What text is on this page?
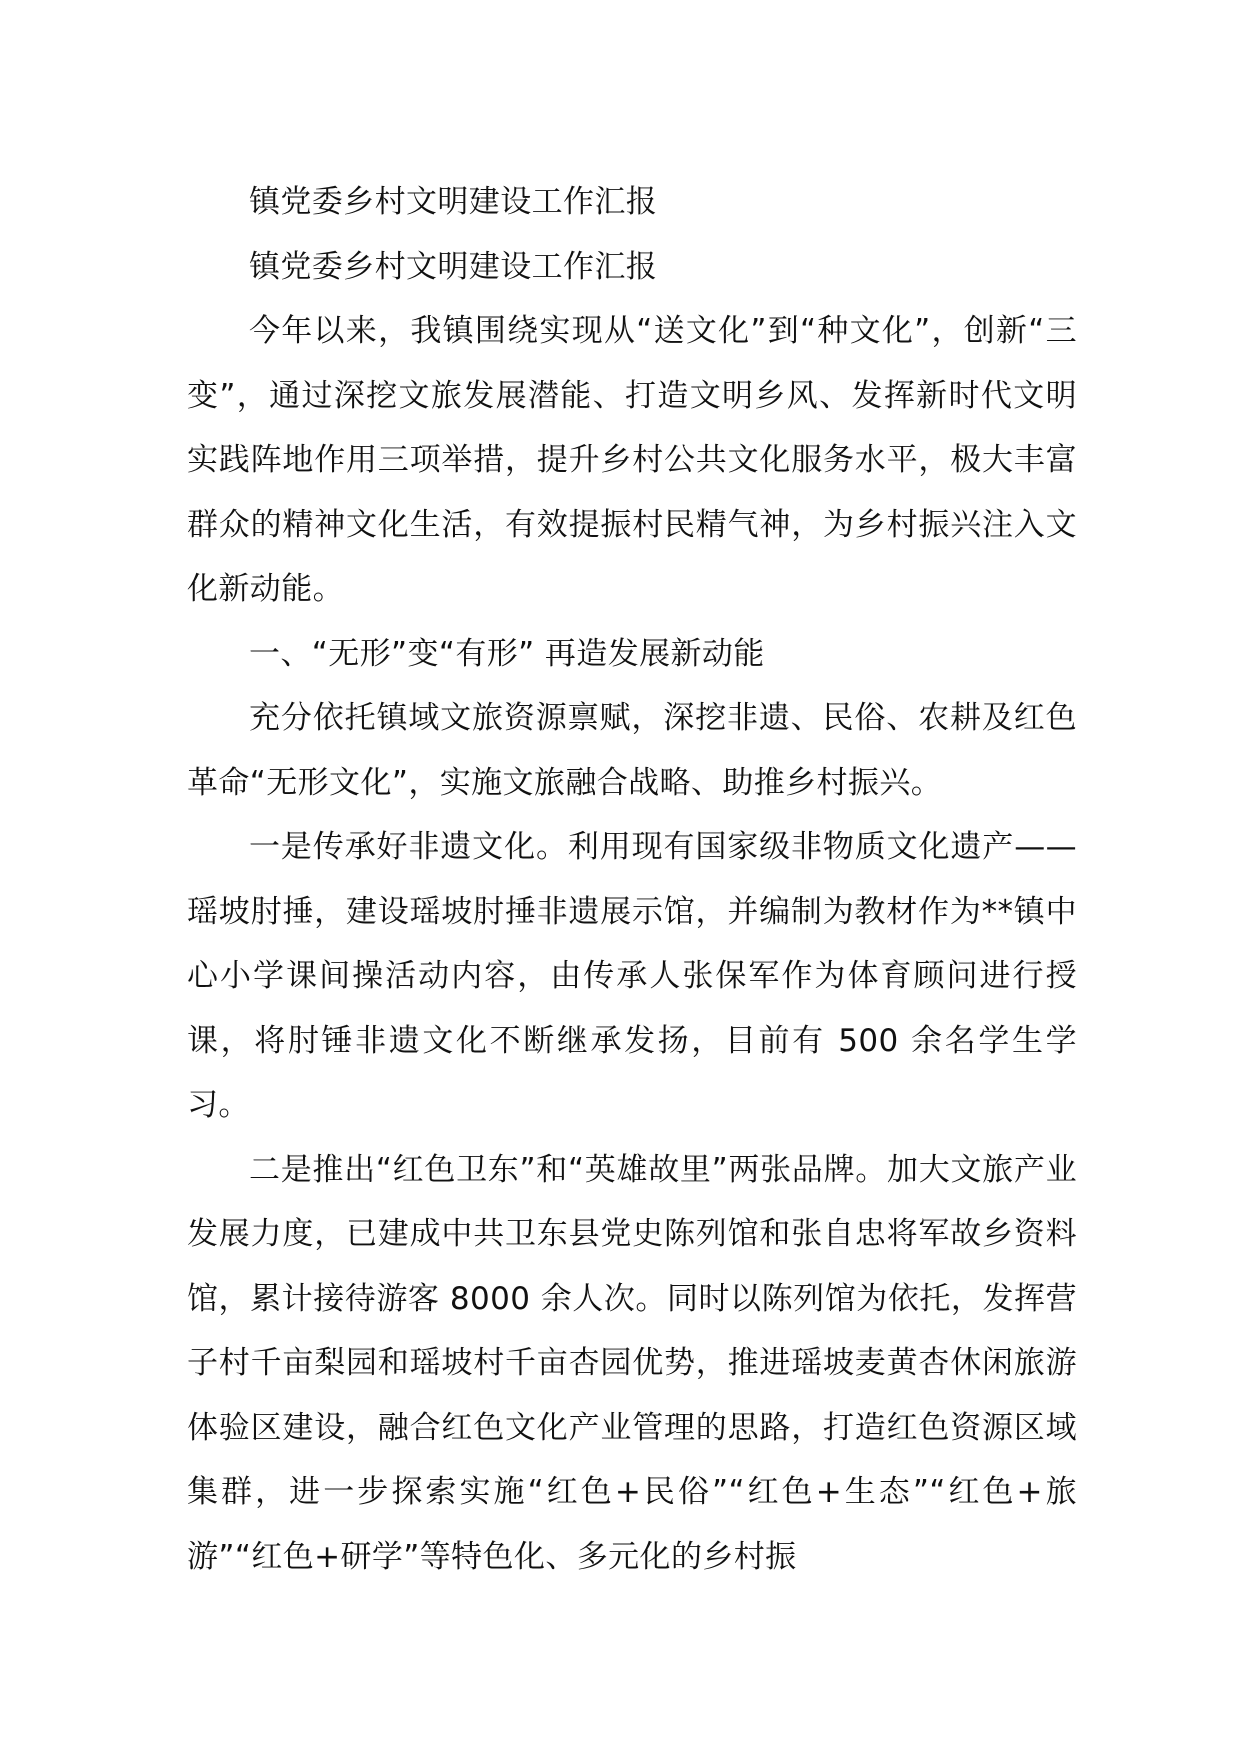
镇党委乡村文明建设工作汇报

镇党委乡村文明建设工作汇报

今年以来，我镇围绕实现从“送文化”到“种文化”，创新“三变”，通过深挖文旅发展潜能、打造文明乡风、发挥新时代文明实践阵地作用三项举措，提升乡村公共文化服务水平，极大丰富群众的精神文化生活，有效提振村民精气神，为乡村振兴注入文化新动能。

一、“无形”变“有形” 再造发展新动能

充分依托镇域文旅资源禀赋，深挖非遗、民俗、农耕及红色革命“无形文化”，实施文旅融合战略、助推乡村振兴。

一是传承好非遗文化。利用现有国家级非物质文化遗产——瑶坡肘捶，建设瑶坡肘捶非遗展示馆，并编制为教材作为**镇中心小学课间操活动内容，由传承人张保军作为体育顾问进行授课，将肘锤非遗文化不断继承发扬，目前有 500 余名学生学习。

二是推出“红色卫东”和“英雄故里”两张品牌。加大文旅产业发展力度，已建成中共卫东县党史陈列馆和张自忠将军故乡资料馆，累计接待游客 8000 余人次。同时以陈列馆为依托，发挥营子村千亩梨园和瑶坡村千亩杏园优势，推进瑶坡麦黄杏休闲旅游体验区建设，融合红色文化产业管理的思路，打造红色资源区域集群，进一步探索实施“红色+民俗”“红色+生态”“红色+旅游”“红色+研学”等特色化、多元化的乡村振
